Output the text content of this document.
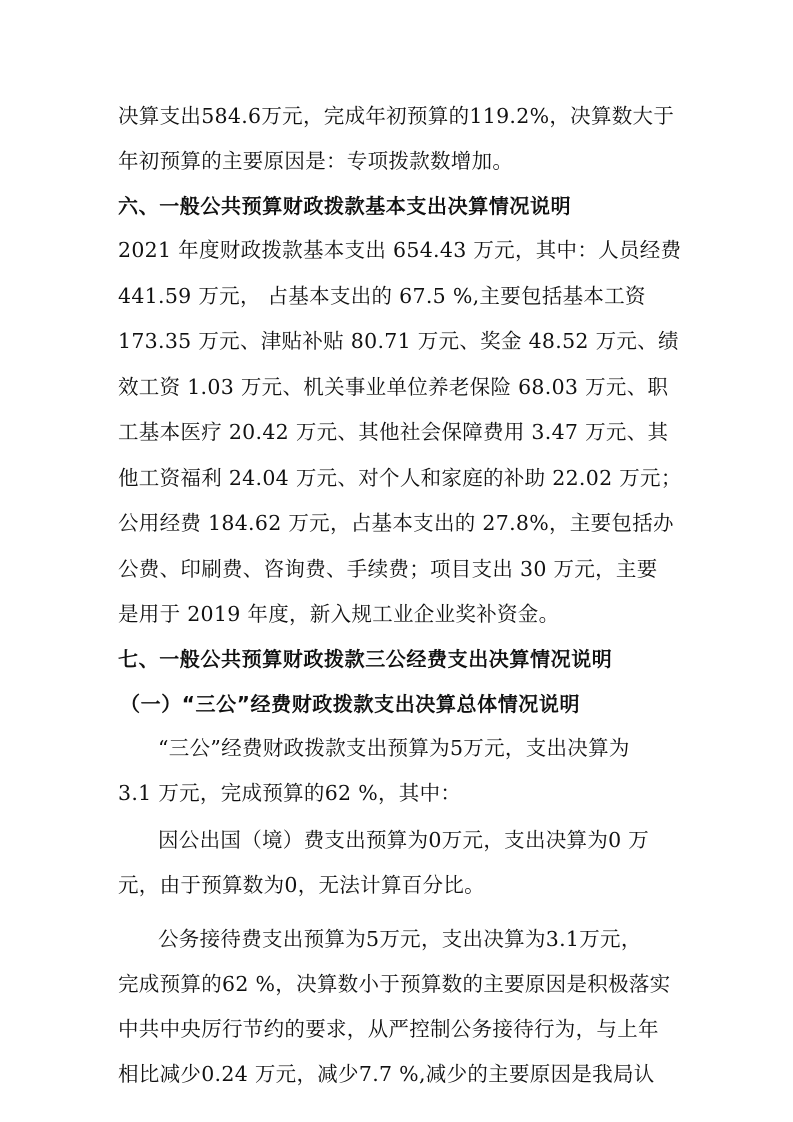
决算支出584.6万元，完成年初预算的119.2%，决算数大于
年初预算的主要原因是：专项拨款数增加。
六、一般公共预算财政拨款基本支出决算情况说明
2021 年度财政拨款基本支出 654.43 万元，其中：人员经费
441.59 万元， 占基本支出的 67.5 %,主要包括基本工资
173.35 万元、津贴补贴 80.71 万元、奖金 48.52 万元、绩
效工资 1.03 万元、机关事业单位养老保险 68.03 万元、职
工基本医疗 20.42 万元、其他社会保障费用 3.47 万元、其
他工资福利 24.04 万元、对个人和家庭的补助 22.02 万元；
公用经费 184.62 万元，占基本支出的 27.8%，主要包括办
公费、印刷费、咨询费、手续费；项目支出 30 万元，主要
是用于 2019 年度，新入规工业企业奖补资金。
七、一般公共预算财政拨款三公经费支出决算情况说明
（一）“三公”经费财政拨款支出决算总体情况说明
“三公”经费财政拨款支出预算为5万元，支出决算为
3.1 万元，完成预算的62 %，其中：
因公出国（境）费支出预算为0万元，支出决算为0 万
元，由于预算数为0，无法计算百分比。
公务接待费支出预算为5万元，支出决算为3.1万元，
完成预算的62 %，决算数小于预算数的主要原因是积极落实
中共中央厉行节约的要求，从严控制公务接待行为，与上年
相比减少0.24 万元，减少7.7 %,减少的主要原因是我局认
